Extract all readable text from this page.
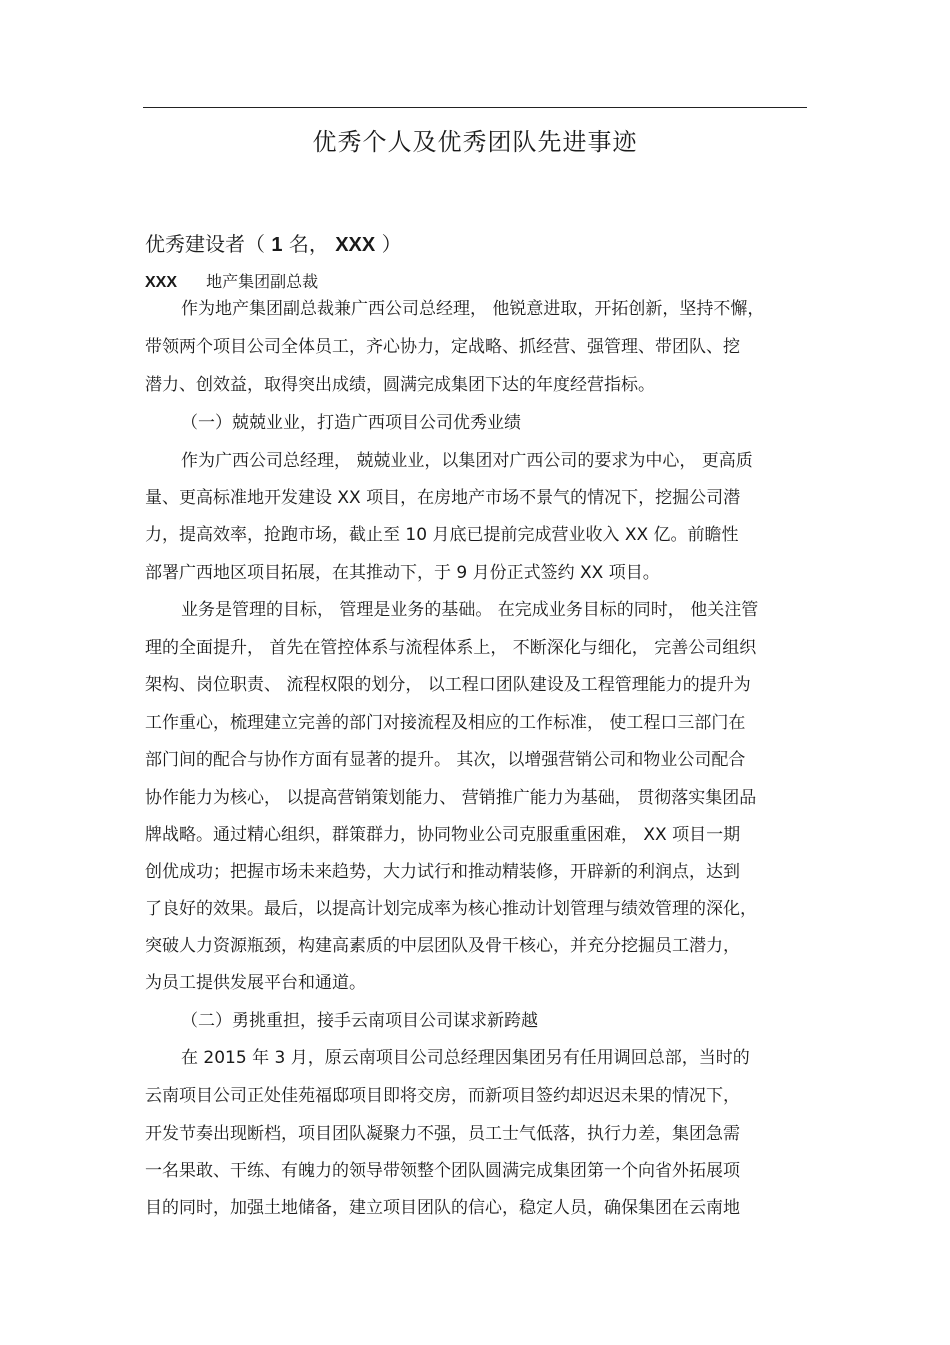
优秀个人及优秀团队先进事迹
优秀建设者（ 1 名， XXX ）
XXX 地产集团副总裁
作为地产集团副总裁兼广西公司总经理， 他锐意进取，开拓创新，坚持不懈，
带领两个项目公司全体员工，齐心协力，定战略、抓经营、强管理、带团队、挖
潜力、创效益，取得突出成绩，圆满完成集团下达的年度经营指标。
（一）兢兢业业，打造广西项目公司优秀业绩
作为广西公司总经理， 兢兢业业，以集团对广西公司的要求为中心， 更高质
量、更高标准地开发建设 XX 项目，在房地产市场不景气的情况下，挖掘公司潜
力，提高效率，抢跑市场，截止至 10 月底已提前完成营业收入 XX 亿。前瞻性
部署广西地区项目拓展，在其推动下，于 9 月份正式签约 XX 项目。
业务是管理的目标， 管理是业务的基础。 在完成业务目标的同时， 他关注管
理的全面提升， 首先在管控体系与流程体系上， 不断深化与细化， 完善公司组织
架构、岗位职责、 流程权限的划分， 以工程口团队建设及工程管理能力的提升为
工作重心，梳理建立完善的部门对接流程及相应的工作标准， 使工程口三部门在
部门间的配合与协作方面有显著的提升。 其次，以增强营销公司和物业公司配合
协作能力为核心， 以提高营销策划能力、 营销推广能力为基础， 贯彻落实集团品
牌战略。通过精心组织，群策群力，协同物业公司克服重重困难， XX 项目一期
创优成功；把握市场未来趋势，大力试行和推动精装修，开辟新的利润点，达到
了良好的效果。最后，以提高计划完成率为核心推动计划管理与绩效管理的深化，
突破人力资源瓶颈，构建高素质的中层团队及骨干核心，并充分挖掘员工潜力，
为员工提供发展平台和通道。
（二）勇挑重担，接手云南项目公司谋求新跨越
在 2015 年 3 月，原云南项目公司总经理因集团另有任用调回总部，当时的
云南项目公司正处佳苑福邸项目即将交房，而新项目签约却迟迟未果的情况下，
开发节奏出现断档，项目团队凝聚力不强，员工士气低落，执行力差，集团急需
一名果敢、干练、有魄力的领导带领整个团队圆满完成集团第一个向省外拓展项
目的同时，加强土地储备，建立项目团队的信心，稳定人员，确保集团在云南地
